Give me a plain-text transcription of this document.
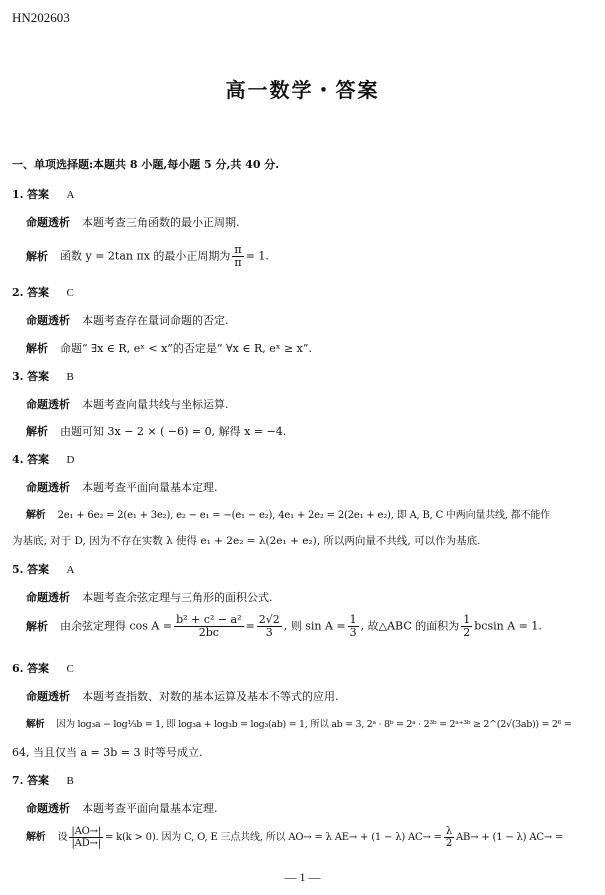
HN202603
高一数学・答案
一、单项选择题:本题共 8 小题,每小题 5 分,共 40 分.
1. 答案 A
命题透析 本题考查三角函数的最小正周期.
解析 函数 y = 2tan πx 的最小正周期为 $\frac{\pi}{\pi} = 1$.
2. 答案 C
命题透析 本题考查存在量词命题的否定.
解析 命题“ ∃x ∈ R, eˣ < x”的否定是“ ∀x ∈ R, eˣ ≥ x”.
3. 答案 B
命题透析 本题考查向量共线与坐标运算.
解析 由题可知 3x − 2 × ( −6) = 0, 解得 x = −4.
4. 答案 D
命题透析 本题考查平面向量基本定理.
解析 2e₁ + 6e₂ = 2(e₁ + 3e₂), e₂ − e₁ = −(e₁ − e₂), 4e₁ + 2e₂ = 2(2e₁ + e₂), 即 A, B, C 中两向量共线, 都不能作
为基底, 对于 D, 因为不存在实数 λ 使得 e₁ + 2e₂ = λ(2e₁ + e₂), 所以两向量不共线, 可以作为基底.
5. 答案 A
命题透析 本题考查余弦定理与三角形的面积公式.
解析 由余弦定理得 $\cos A = \frac{\text{b² + c² − a²}}{2bc} = \frac{2√2}{3}$ , 则 $\sin A = \frac{1}{3}$ , 故△ABC 的面积为 $\frac{1}{2}$ bcsin A = 1.
6. 答案 C
命题透析 本题考查指数、对数的基本运算及基本不等式的应用.
解析 因为 log₃a − log⅓b = 1, 即 log₃a + log₃b = log₃(ab) = 1, 所以 ab = 3, 2ᵃ · 8ᵇ = 2ᵃ · 2³ᵇ = 2ᵃ⁺³ᵇ ≥ 2^(2√(3ab)) = 2⁶ =
64, 当且仅当 a = 3b = 3 时等号成立.
7. 答案 B
命题透析 本题考查平面向量基本定理.
解析 设 $\frac{|AO\to|}{|AD\to|} = k(k > 0)$. 因为 C, O, E 三点共线, 所以 AO→ = λ AE→ + (1 − λ) $AC\to = \frac{\lambda}{2} AB\to + (1 - \lambda) AC\to$ =
— 1 —
